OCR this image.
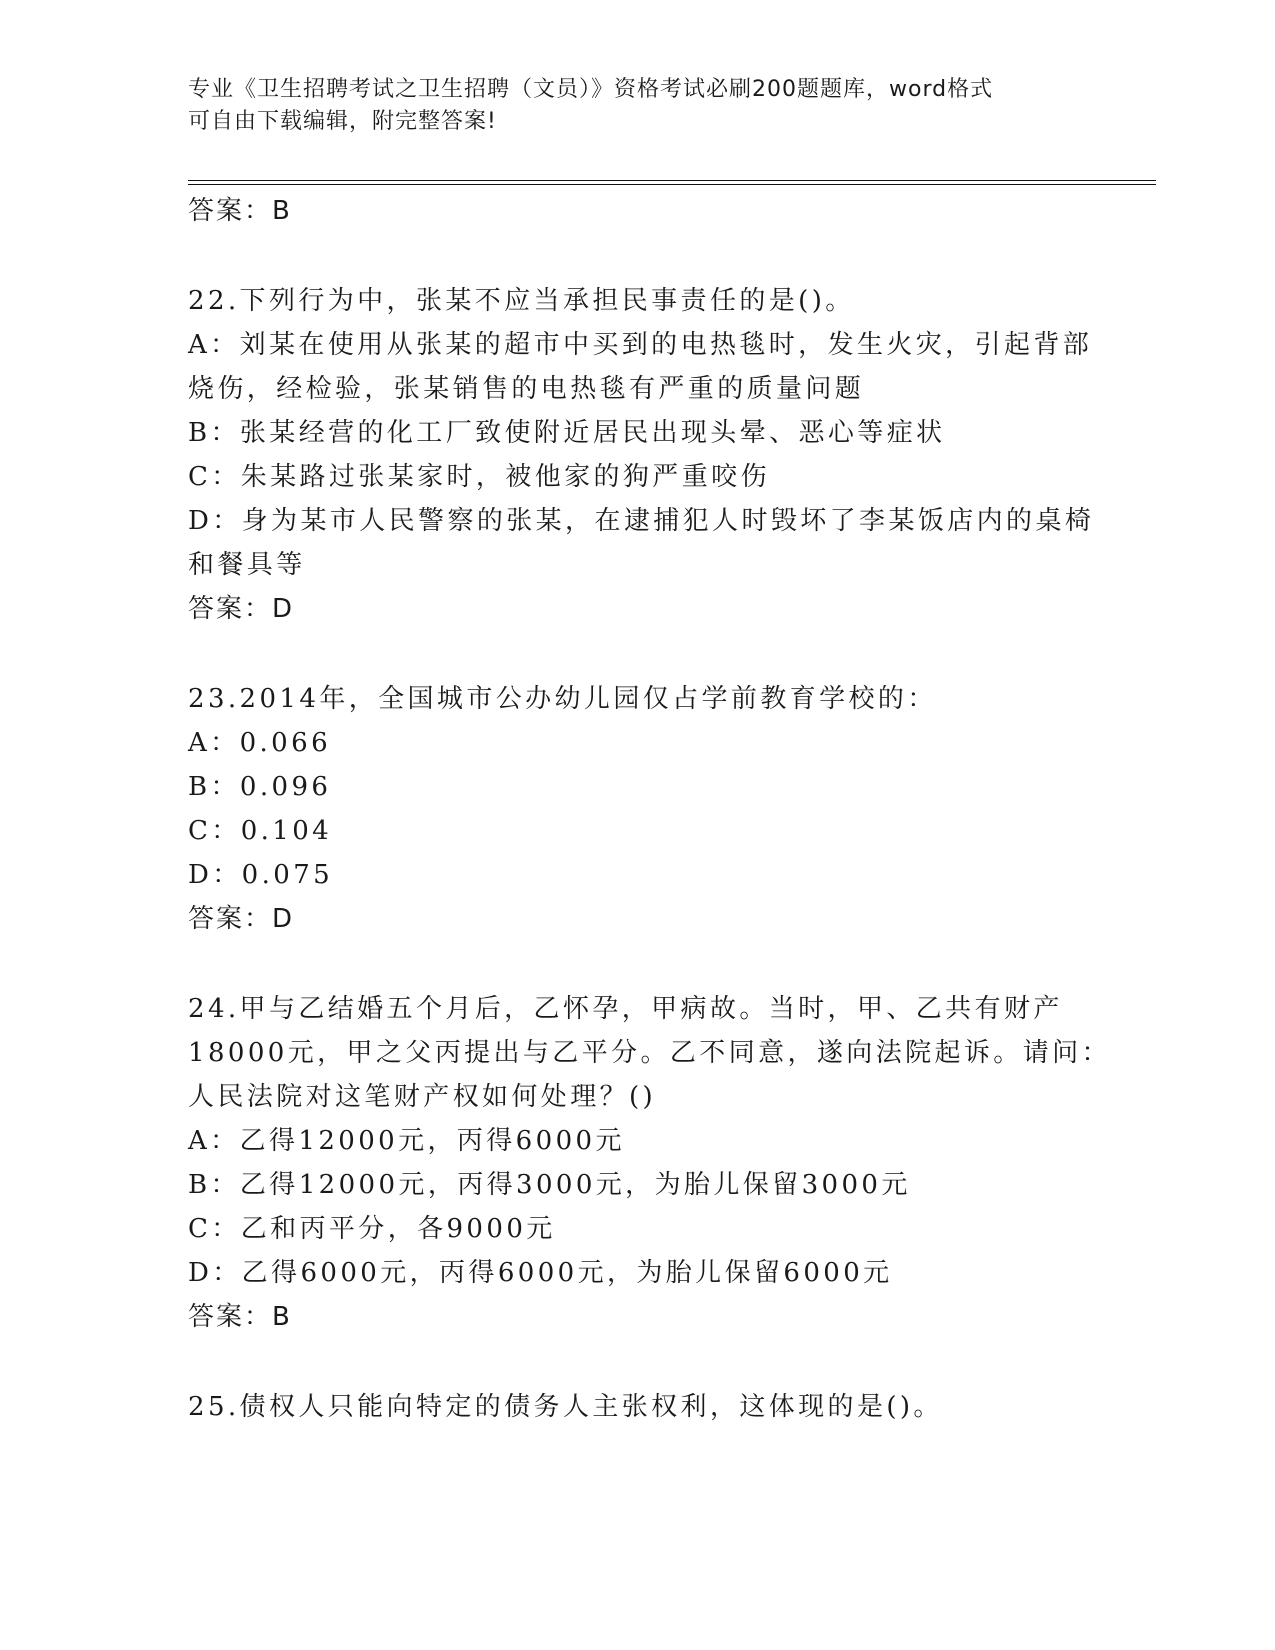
专业《卫生招聘考试之卫生招聘（文员）》资格考试必刷200题题库，word格式
可自由下载编辑，附完整答案!
答案：B
22.下列行为中，张某不应当承担民事责任的是()。
A：刘某在使用从张某的超市中买到的电热毯时，发生火灾，引起背部
烧伤，经检验，张某销售的电热毯有严重的质量问题
B：张某经营的化工厂致使附近居民出现头晕、恶心等症状
C：朱某路过张某家时，被他家的狗严重咬伤
D：身为某市人民警察的张某，在逮捕犯人时毁坏了李某饭店内的桌椅
和餐具等
答案：D
23.2014年，全国城市公办幼儿园仅占学前教育学校的：
A：0.066
B：0.096
C：0.104
D：0.075
答案：D
24.甲与乙结婚五个月后，乙怀孕，甲病故。当时，甲、乙共有财产
18000元，甲之父丙提出与乙平分。乙不同意，遂向法院起诉。请问：
人民法院对这笔财产权如何处理？()
A：乙得12000元，丙得6000元
B：乙得12000元，丙得3000元，为胎儿保留3000元
C：乙和丙平分，各9000元
D：乙得6000元，丙得6000元，为胎儿保留6000元
答案：B
25.债权人只能向特定的债务人主张权利，这体现的是()。
